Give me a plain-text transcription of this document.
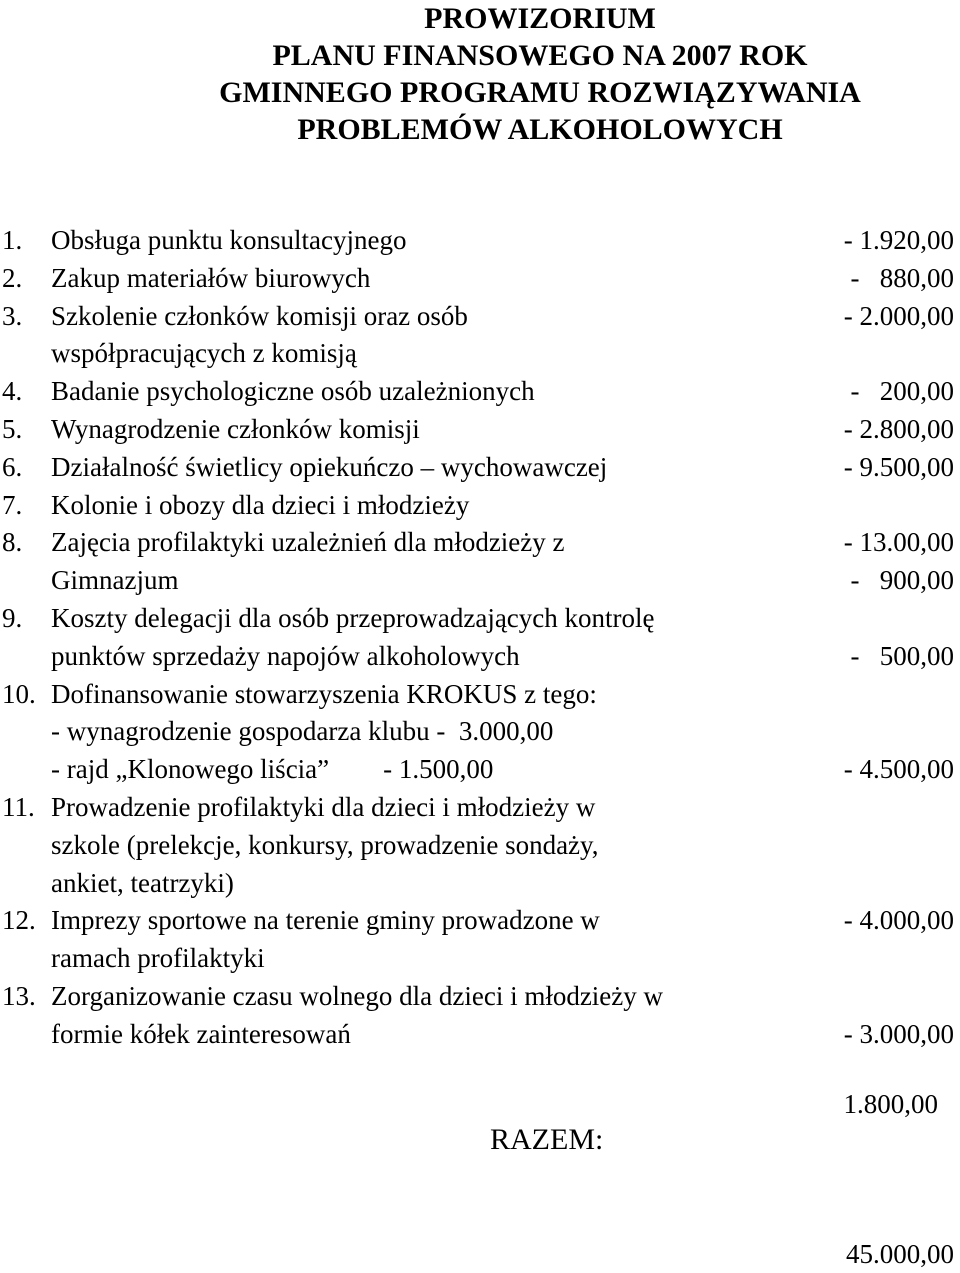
PROWIZORIUM
PLANU FINANSOWEGO NA 2007 ROK
GMINNEGO PROGRAMU ROZWIĄZYWANIA
PROBLEMÓW ALKOHOLOWYCH
1. Obsługa punktu konsultacyjnego	- 1.920,00
2. Zakup materiałów biurowych	-   880,00
3. Szkolenie członków komisji oraz osób	- 2.000,00
współpracujących z komisją
4. Badanie psychologiczne osób uzależnionych	-   200,00
5. Wynagrodzenie członków komisji	- 2.800,00
6. Działalność świetlicy opiekuńczo – wychowawczej	- 9.500,00
7. Kolonie i obozy dla dzieci i młodzieży
8. Zajęcia profilaktyki uzależnień dla młodzieży z	- 13.00,00
Gimnazjum	-   900,00
9. Koszty delegacji dla osób przeprowadzających kontrolę
punktów sprzedaży napojów alkoholowych	-   500,00
10. Dofinansowanie stowarzyszenia KROKUS z tego:
- wynagrodzenie gospodarza klubu -  3.000,00
- rajd „Klonowego liścia”        - 1.500,00	- 4.500,00
11. Prowadzenie profilaktyki dla dzieci i młodzieży w
szkole (prelekcje, konkursy, prowadzenie sondaży,
ankiet, teatrzyki)
12. Imprezy sportowe na terenie gminy prowadzone w	- 4.000,00
ramach profilaktyki
13. Zorganizowanie czasu wolnego dla dzieci i młodzieży w
formie kółek zainteresowań	- 3.000,00
1.800,00
RAZEM:
45.000,00
